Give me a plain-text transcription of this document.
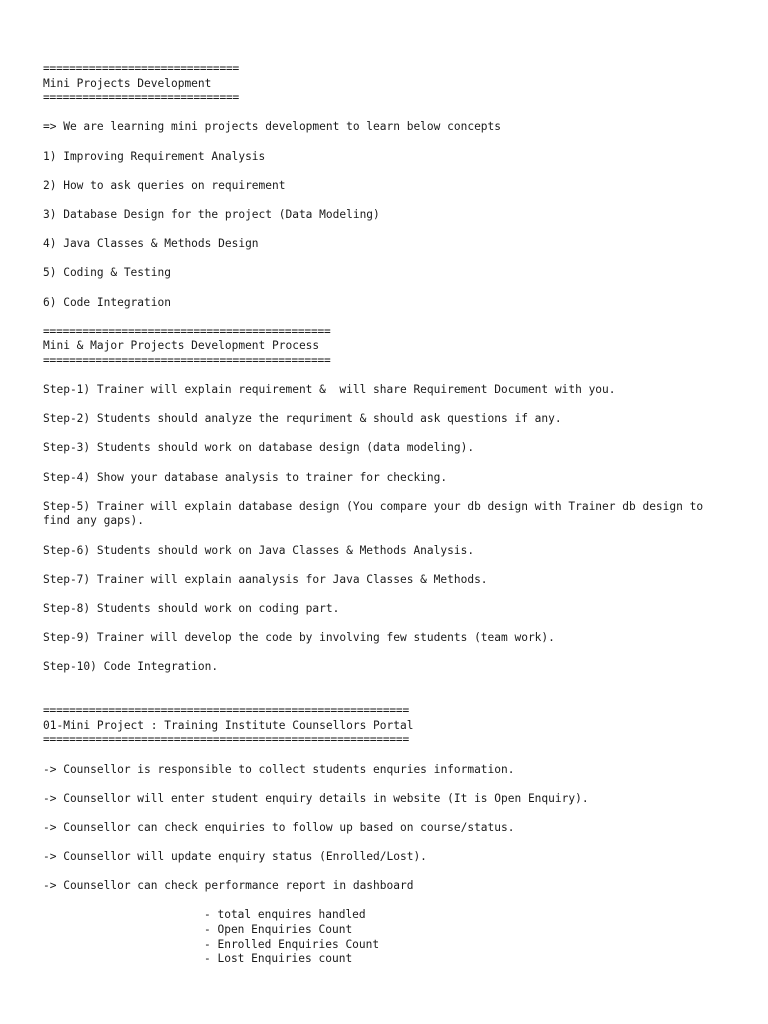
==============================
Mini Projects Development
==============================
=> We are learning mini projects development to learn below concepts
1) Improving Requirement Analysis
2) How to ask queries on requirement
3) Database Design for the project (Data Modeling)
4) Java Classes & Methods Design
5) Coding & Testing
6) Code Integration
============================================
Mini & Major Projects Development Process
============================================
Step-1) Trainer will explain requirement &  will share Requirement Document with you.
Step-2) Students should analyze the requriment & should ask questions if any.
Step-3) Students should work on database design (data modeling).
Step-4) Show your database analysis to trainer for checking.
Step-5) Trainer will explain database design (You compare your db design with Trainer db design to find any gaps).
Step-6) Students should work on Java Classes & Methods Analysis.
Step-7) Trainer will explain aanalysis for Java Classes & Methods.
Step-8) Students should work on coding part.
Step-9) Trainer will develop the code by involving few students (team work).
Step-10) Code Integration.
========================================================
01-Mini Project : Training Institute Counsellors Portal
========================================================
-> Counsellor is responsible to collect students enquries information.
-> Counsellor will enter student enquiry details in website (It is Open Enquiry).
-> Counsellor can check enquiries to follow up based on course/status.
-> Counsellor will update enquiry status (Enrolled/Lost).
-> Counsellor can check performance report in dashboard
- total enquires handled
- Open Enquiries Count
- Enrolled Enquiries Count
- Lost Enquiries count
